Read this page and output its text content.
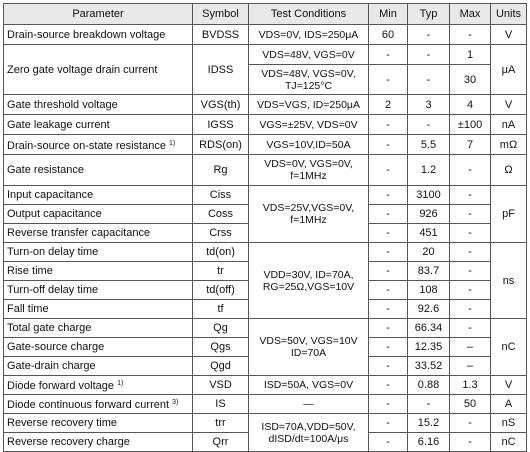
Parameter	Symbol	Test Conditions	Min	Typ	Max	Units
Drain-source breakdown voltage	BVDSS	VDS=0V, IDS=250μA	60	-	-	V
Zero gate voltage drain current	IDSS	VDS=48V, VGS=0V	-	-	1	μA
		VDS=48V, VGS=0V, TJ=125°C	-	-	30	
Gate threshold voltage	VGS(th)	VDS=VGS, ID=250μA	2	3	4	V
Gate leakage current	IGSS	VGS=±25V, VDS=0V	-	-	±100	nA
Drain-source on-state resistance $^{1)}$	RDS(on)	VGS=10V,ID=50A	-	5.5	7	mΩ
Gate resistance	Rg	VDS=0V, VGS=0V, f=1MHz	-	1.2	-	Ω
Input capacitance	Ciss	VDS=25V,VGS=0V, f=1MHz	-	3100	-	pF
Output capacitance	Coss		-	926	-	
Reverse transfer capacitance	Crss		-	451	-	
Turn-on delay time	td(on)	VDD=30V, ID=70A, RG=25Ω,VGS=10V	-	20	-	ns
Rise time	tr		-	83.7	-	
Turn-off delay time	td(off)		-	108	-	
Fall time	tf		-	92.6	-	
Total gate charge	Qg	VDS=50V, VGS=10V ID=70A	-	66.34	-	nC
Gate-source charge	Qgs		-	12.35	–	
Gate-drain charge	Qgd		-	33.52	–	
Diode forward voltage $^{1)}$	VSD	ISD=50A, VGS=0V	-	0.88	1.3	V
Diode continuous forward current $^{3)}$	IS	—	-	-	50	A
Reverse recovery time	trr	ISD=70A,VDD=50V, dISD/dt=100A/μs	-	15.2	-	nS
Reverse recovery charge	Qrr		-	6.16	-	nC
